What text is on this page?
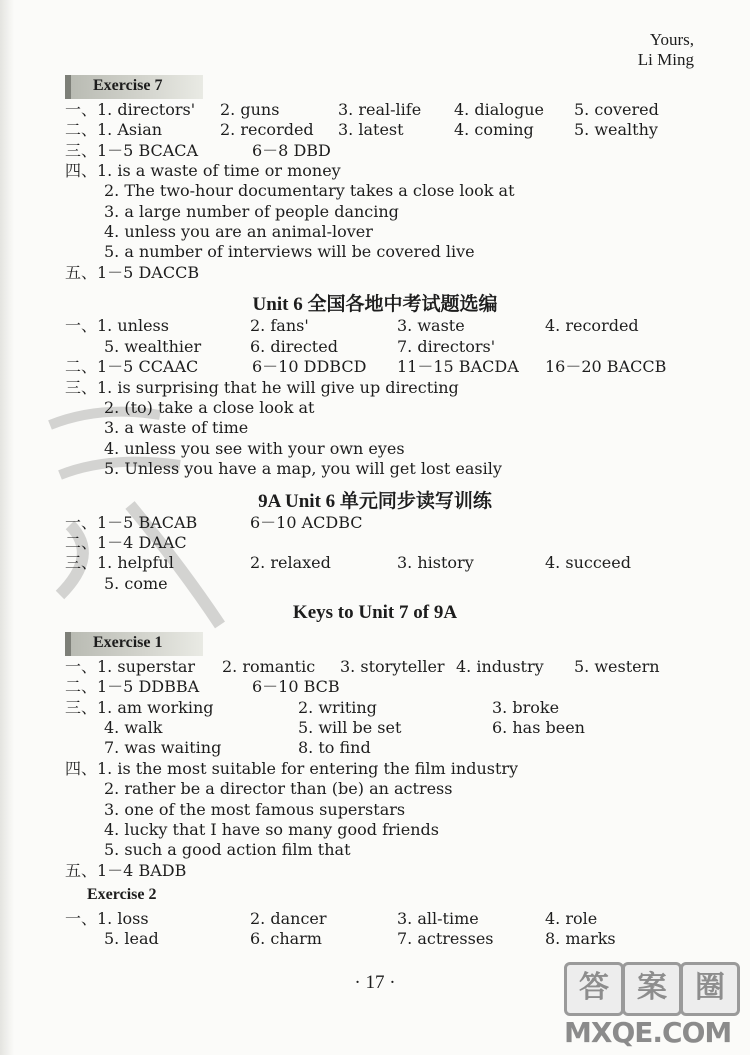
Yours,
Li Ming
Exercise 7
Unit 6 全国各地中考试题选编
9A Unit 6 单元同步读写训练
Keys to Unit 7 of 9A
Exercise 1
Exercise 2
一、1. directors' 2. guns	3. real-life 4. dialogue 5. covered
二、1. Asian	2. recorded 3. latest	4. coming	5. wealthy
三、1－5 BCACA	6－8 DBD
四、1. is a waste of time or money
2. The two-hour documentary takes a close look at
3. a large number of people dancing
4. unless you are an animal-lover
5. a number of interviews will be covered live
五、1－5 DACCB
一、1. unless	2. fans'	3. waste	4. recorded
5. wealthier	6. directed	7. directors'
二、1－5 CCAAC	6－10 DDBCD 11－15 BACDA 16－20 BACCB
三、1. is surprising that he will give up directing
2. (to) take a close look at
3. a waste of time
4. unless you see with your own eyes
5. Unless you have a map, you will get lost easily
一、1－5 BACAB	6－10 ACDBC
二、1－4 DAAC
三、1. helpful	2. relaxed	3. history	4. succeed
5. come
一、1. superstar 2. romantic 3. storyteller 4. industry 5. western
二、1－5 DDBBA	6－10 BCB
三、1. am working	2. writing	3. broke
4. walk	5. will be set	6. has been
7. was waiting	8. to find
四、1. is the most suitable for entering the film industry
2. rather be a director than (be) an actress
3. one of the most famous superstars
4. lucky that I have so many good friends
5. such a good action film that
五、1－4 BADB
一、1. loss	2. dancer	3. all-time	4. role
5. lead	6. charm	7. actresses	8. marks
· 17 ·	答 案 圈
MXQE.COM
